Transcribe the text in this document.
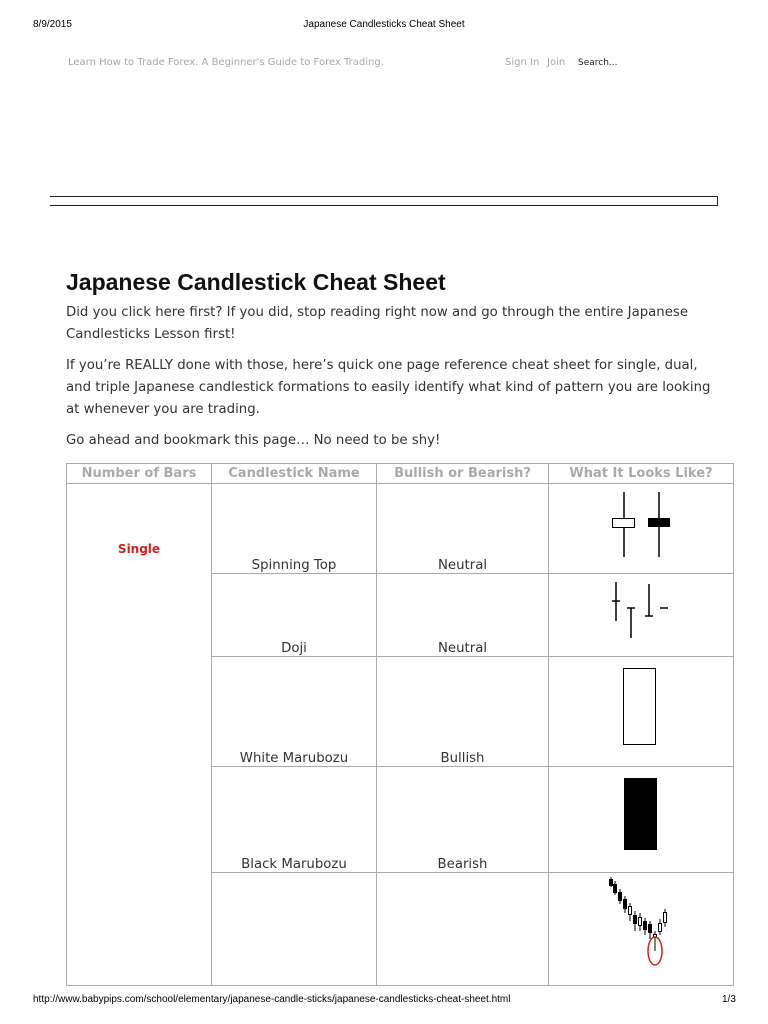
8/9/2015	Japanese Candlesticks Cheat Sheet
Learn How to Trade Forex. A Beginner's Guide to Forex Trading.	Sign In Join Search...
Japanese Candlestick Cheat Sheet

Did you click here first? If you did, stop reading right now and go through the entire Japanese Candlesticks Lesson first!

If you’re REALLY done with those, here’s quick one page reference cheat sheet for single, dual, and triple Japanese candlestick formations to easily identify what kind of pattern you are looking at whenever you are trading.

Go ahead and bookmark this page… No need to be shy!

Number of Bars	Candlestick Name	Bullish or Bearish?	What It Looks Like?
Single	Spinning Top	Neutral	
	Doji	Neutral	
	White Marubozu	Bullish	
	Black Marubozu	Bearish	

http://www.babypips.com/school/elementary/japanese-candle-sticks/japanese-candlesticks-cheat-sheet.html	1/3
